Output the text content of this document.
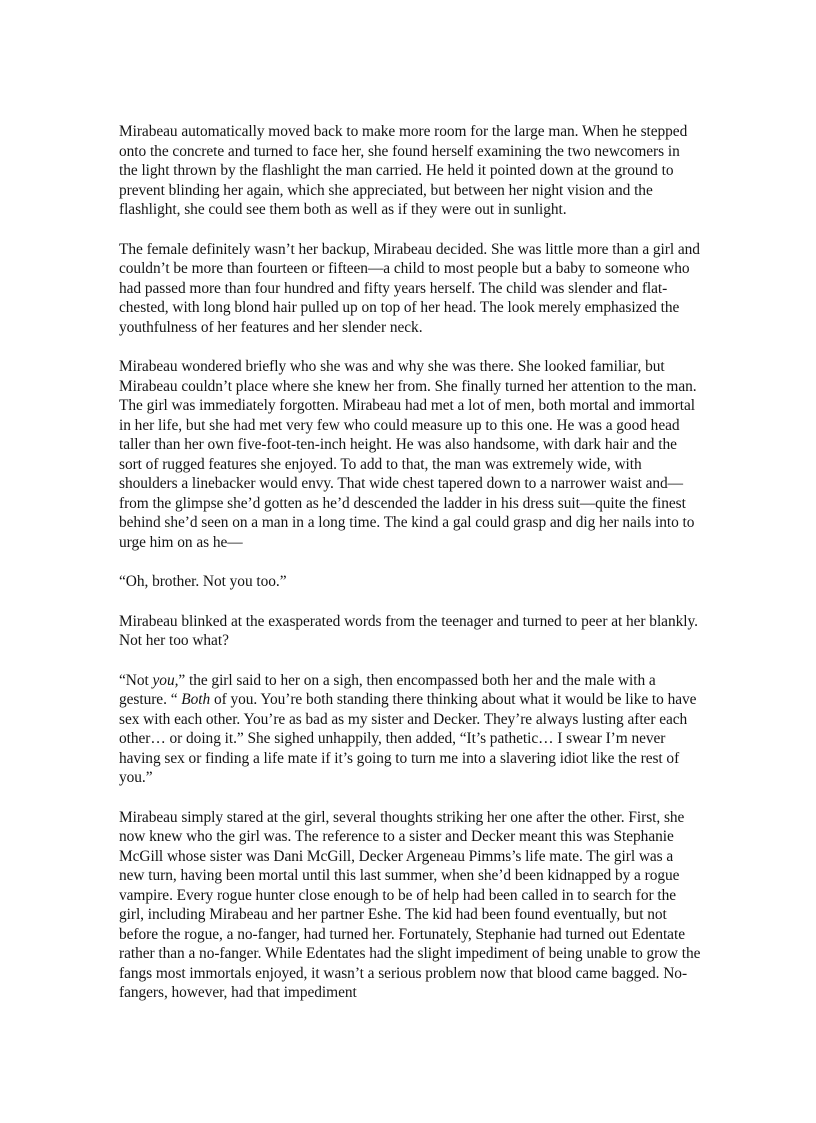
Mirabeau automatically moved back to make more room for the large man. When he stepped onto the concrete and turned to face her, she found herself examining the two newcomers in the light thrown by the flashlight the man carried. He held it pointed down at the ground to prevent blinding her again, which she appreciated, but between her night vision and the flashlight, she could see them both as well as if they were out in sunlight.

The female definitely wasn’t her backup, Mirabeau decided. She was little more than a girl and couldn’t be more than fourteen or fifteen—a child to most people but a baby to someone who had passed more than four hundred and fifty years herself. The child was slender and flat-chested, with long blond hair pulled up on top of her head. The look merely emphasized the youthfulness of her features and her slender neck.

Mirabeau wondered briefly who she was and why she was there. She looked familiar, but Mirabeau couldn’t place where she knew her from. She finally turned her attention to the man. The girl was immediately forgotten. Mirabeau had met a lot of men, both mortal and immortal in her life, but she had met very few who could measure up to this one. He was a good head taller than her own five-foot-ten-inch height. He was also handsome, with dark hair and the sort of rugged features she enjoyed. To add to that, the man was extremely wide, with shoulders a linebacker would envy. That wide chest tapered down to a narrower waist and—from the glimpse she’d gotten as he’d descended the ladder in his dress suit—quite the finest behind she’d seen on a man in a long time. The kind a gal could grasp and dig her nails into to urge him on as he—

“Oh, brother. Not you too.”

Mirabeau blinked at the exasperated words from the teenager and turned to peer at her blankly. Not her too what?

“Not you,” the girl said to her on a sigh, then encompassed both her and the male with a gesture. “ Both of you. You’re both standing there thinking about what it would be like to have sex with each other. You’re as bad as my sister and Decker. They’re always lusting after each other… or doing it.” She sighed unhappily, then added, “It’s pathetic… I swear I’m never having sex or finding a life mate if it’s going to turn me into a slavering idiot like the rest of you.”

Mirabeau simply stared at the girl, several thoughts striking her one after the other. First, she now knew who the girl was. The reference to a sister and Decker meant this was Stephanie McGill whose sister was Dani McGill, Decker Argeneau Pimms’s life mate. The girl was a new turn, having been mortal until this last summer, when she’d been kidnapped by a rogue vampire. Every rogue hunter close enough to be of help had been called in to search for the girl, including Mirabeau and her partner Eshe. The kid had been found eventually, but not before the rogue, a no-fanger, had turned her. Fortunately, Stephanie had turned out Edentate rather than a no-fanger. While Edentates had the slight impediment of being unable to grow the fangs most immortals enjoyed, it wasn’t a serious problem now that blood came bagged. No-fangers, however, had that impediment
